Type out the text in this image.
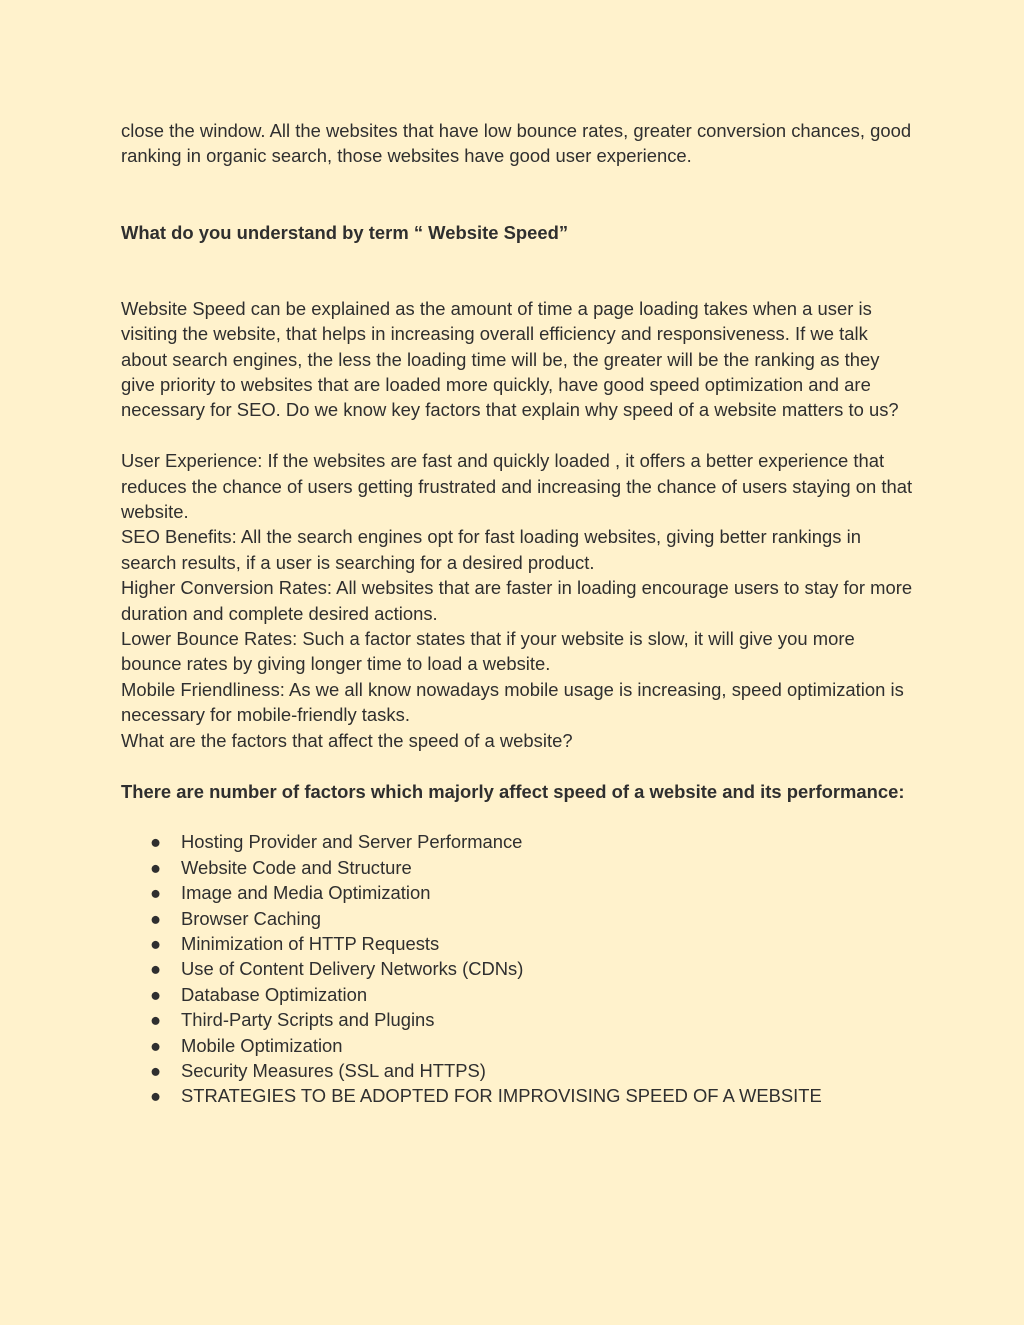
close the window. All the websites that have low bounce rates, greater conversion chances, good ranking in organic search, those websites have good user experience.

What do you understand by term “ Website Speed”

Website Speed can be explained as the amount of time a page loading takes when a user is visiting the website, that helps in increasing overall efficiency and responsiveness. If we talk about search engines, the less the loading time will be, the greater will be the ranking as they give priority to websites that are loaded more quickly, have good speed optimization and are necessary for SEO. Do we know key factors that explain why speed of a website matters to us?

User Experience: If the websites are fast and quickly loaded , it offers a better experience that reduces the chance of users getting frustrated and increasing the chance of users staying on that website.

SEO Benefits: All the search engines opt for fast loading websites, giving better rankings in search results, if a user is searching for a desired product.

Higher Conversion Rates: All websites that are faster in loading encourage users to stay for more duration and complete desired actions.

Lower Bounce Rates: Such a factor states that if your website is slow, it will give you more bounce rates by giving longer time to load a website.

Mobile Friendliness: As we all know nowadays mobile usage is increasing, speed optimization is necessary for mobile-friendly tasks.

What are the factors that affect the speed of a website?

There are number of factors which majorly affect speed of a website and its performance:

● Hosting Provider and Server Performance
● Website Code and Structure
● Image and Media Optimization
● Browser Caching
● Minimization of HTTP Requests
● Use of Content Delivery Networks (CDNs)
● Database Optimization
● Third-Party Scripts and Plugins
● Mobile Optimization
● Security Measures (SSL and HTTPS)
● STRATEGIES TO BE ADOPTED FOR IMPROVISING SPEED OF A WEBSITE
